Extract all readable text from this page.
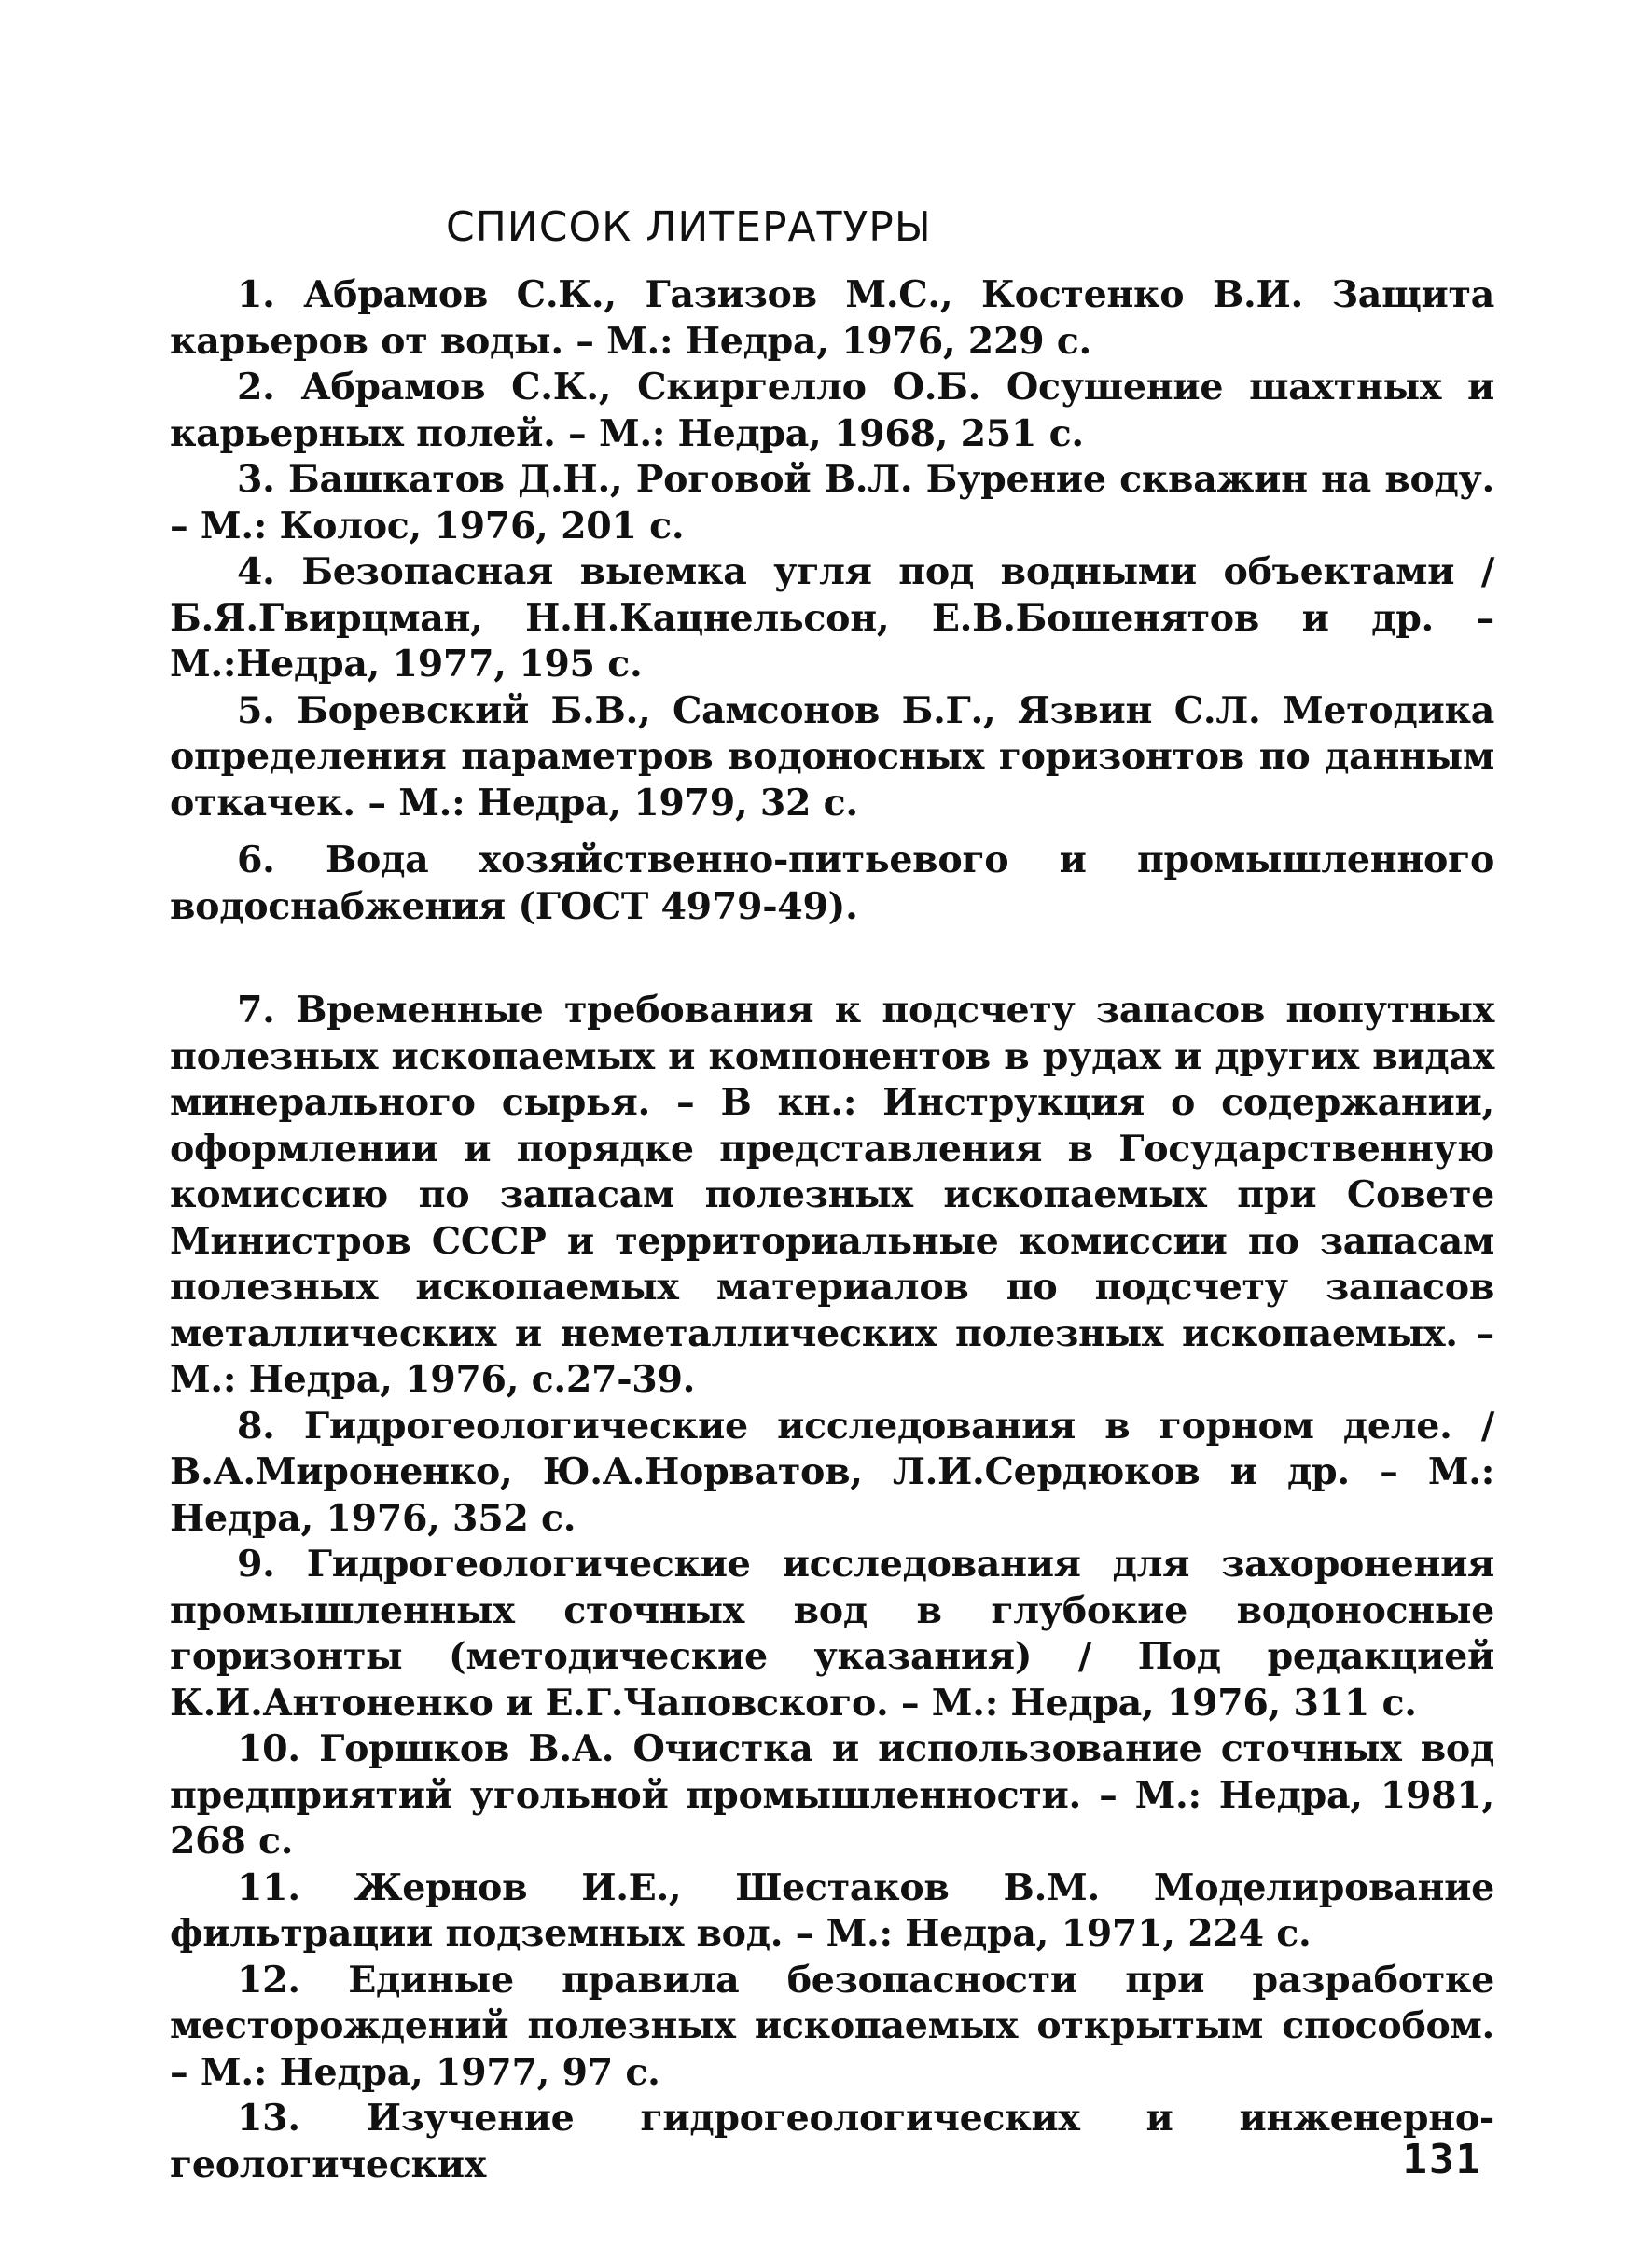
СПИСОК ЛИТЕРАТУРЫ

1. Абрамов С.К., Газизов М.С., Костенко В.И. Защита карьеров от воды. – М.: Недра, 1976, 229 с.

2. Абрамов С.К., Скиргелло О.Б. Осушение шахтных и карьерных полей. – М.: Недра, 1968, 251 с.

3. Башкатов Д.Н., Роговой В.Л. Бурение скважин на воду. – М.: Колос, 1976, 201 с.

4. Безопасная выемка угля под водными объектами / Б.Я.Гвирцман, Н.Н.Кацнельсон, Е.В.Бошенятов и др. – М.:Недра, 1977, 195 с.

5. Боревский Б.В., Самсонов Б.Г., Язвин С.Л. Методика определения параметров водоносных горизонтов по данным откачек. – М.: Недра, 1979, 32 с.

6. Вода хозяйственно-питьевого и промышленного водоснабжения (ГОСТ 4979-49).

7. Временные требования к подсчету запасов попутных полезных ископаемых и компонентов в рудах и других видах минерального сырья. – В кн.: Инструкция о содержании, оформлении и порядке представления в Государственную комиссию по запасам полезных ископаемых при Совете Министров СССР и территориальные комиссии по запасам полезных ископаемых материалов по подсчету запасов металлических и неметаллических полезных ископаемых. – М.: Недра, 1976, с.27-39.

8. Гидрогеологические исследования в горном деле. / В.А.Мироненко, Ю.А.Норватов, Л.И.Сердюков и др. – М.: Недра, 1976, 352 с.

9. Гидрогеологические исследования для захоронения промышленных сточных вод в глубокие водоносные горизонты (методические указания) / Под редакцией К.И.Антоненко и Е.Г.Чаповского. – М.: Недра, 1976, 311 с.

10. Горшков В.А. Очистка и использование сточных вод предприятий угольной промышленности. – М.: Недра, 1981, 268 с.

11. Жернов И.Е., Шестаков В.М. Моделирование фильтрации подземных вод. – М.: Недра, 1971, 224 с.

12. Единые правила безопасности при разработке месторождений полезных ископаемых открытым способом. – М.: Недра, 1977, 97 с.

13. Изучение гидрогеологических и инженерно-геологических	131
